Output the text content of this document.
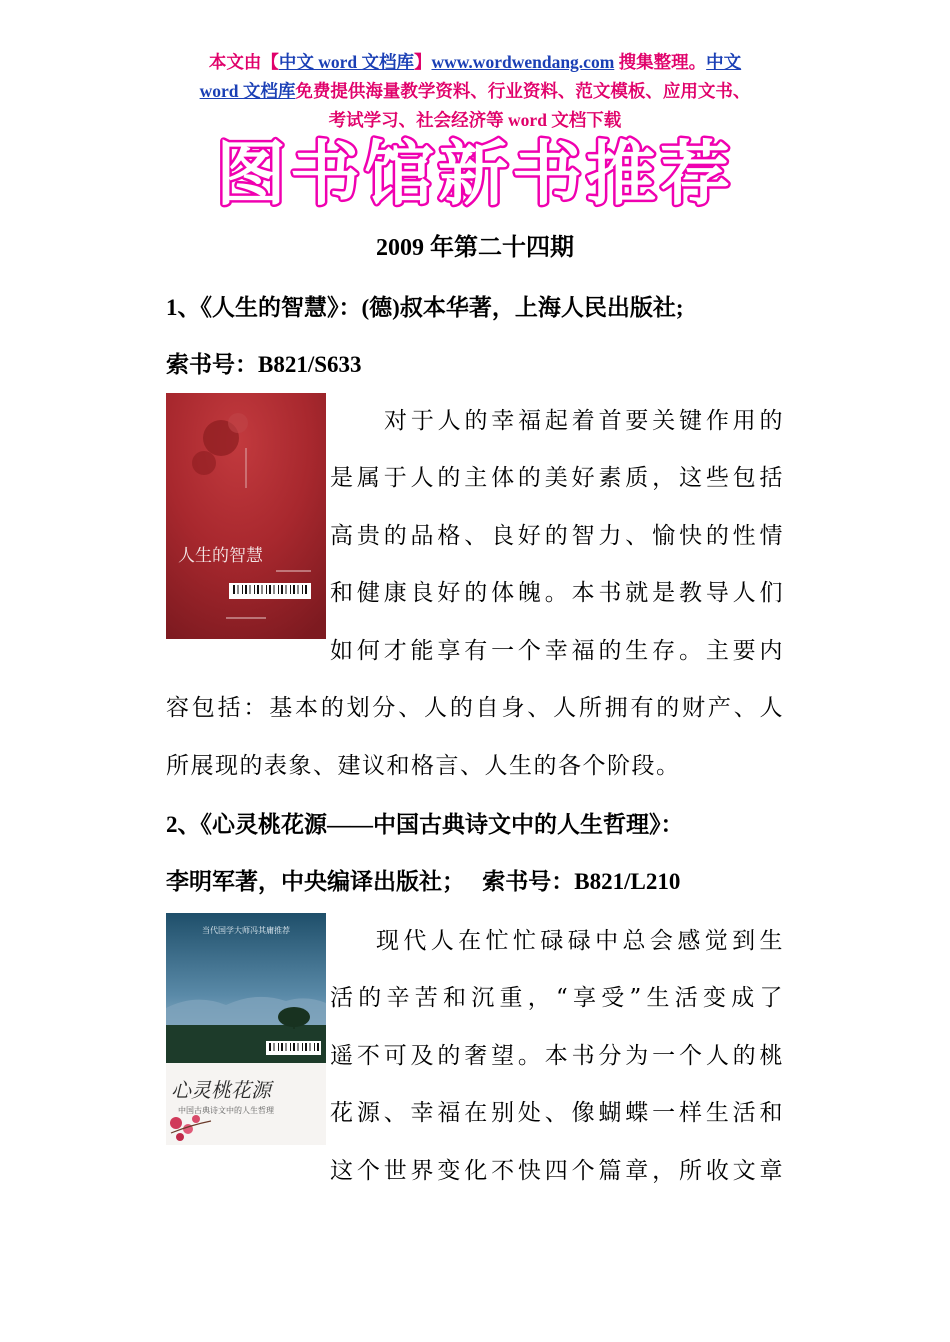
本文由【中文 word 文档库】www.wordwendang.com 搜集整理。中文
word 文档库免费提供海量教学资料、行业资料、范文模板、应用文书、
考试学习、社会经济等 word 文档下载
图书馆新书推荐
2009 年第二十四期
1、《人生的智慧》：(德)叔本华著，上海人民出版社;
索书号：B821/S633
人生的智慧
对于人的幸福起着首要关键作用的
是属于人的主体的美好素质，这些包括
高贵的品格、良好的智力、愉快的性情
和健康良好的体魄。本书就是教导人们
如何才能享有一个幸福的生存。主要内
容包括：基本的划分、人的自身、人所拥有的财产、人
所展现的表象、建议和格言、人生的各个阶段。
2、《心灵桃花源——中国古典诗文中的人生哲理》：
李明军著，中央编译出版社；   索书号：B821/L210
当代国学大师冯其庸推荐
心灵桃花源
中国古典诗文中的人生哲理
现代人在忙忙碌碌中总会感觉到生
活的辛苦和沉重，“享受”生活变成了
遥不可及的奢望。本书分为一个人的桃
花源、幸福在别处、像蝴蝶一样生活和
这个世界变化不快四个篇章，所收文章
